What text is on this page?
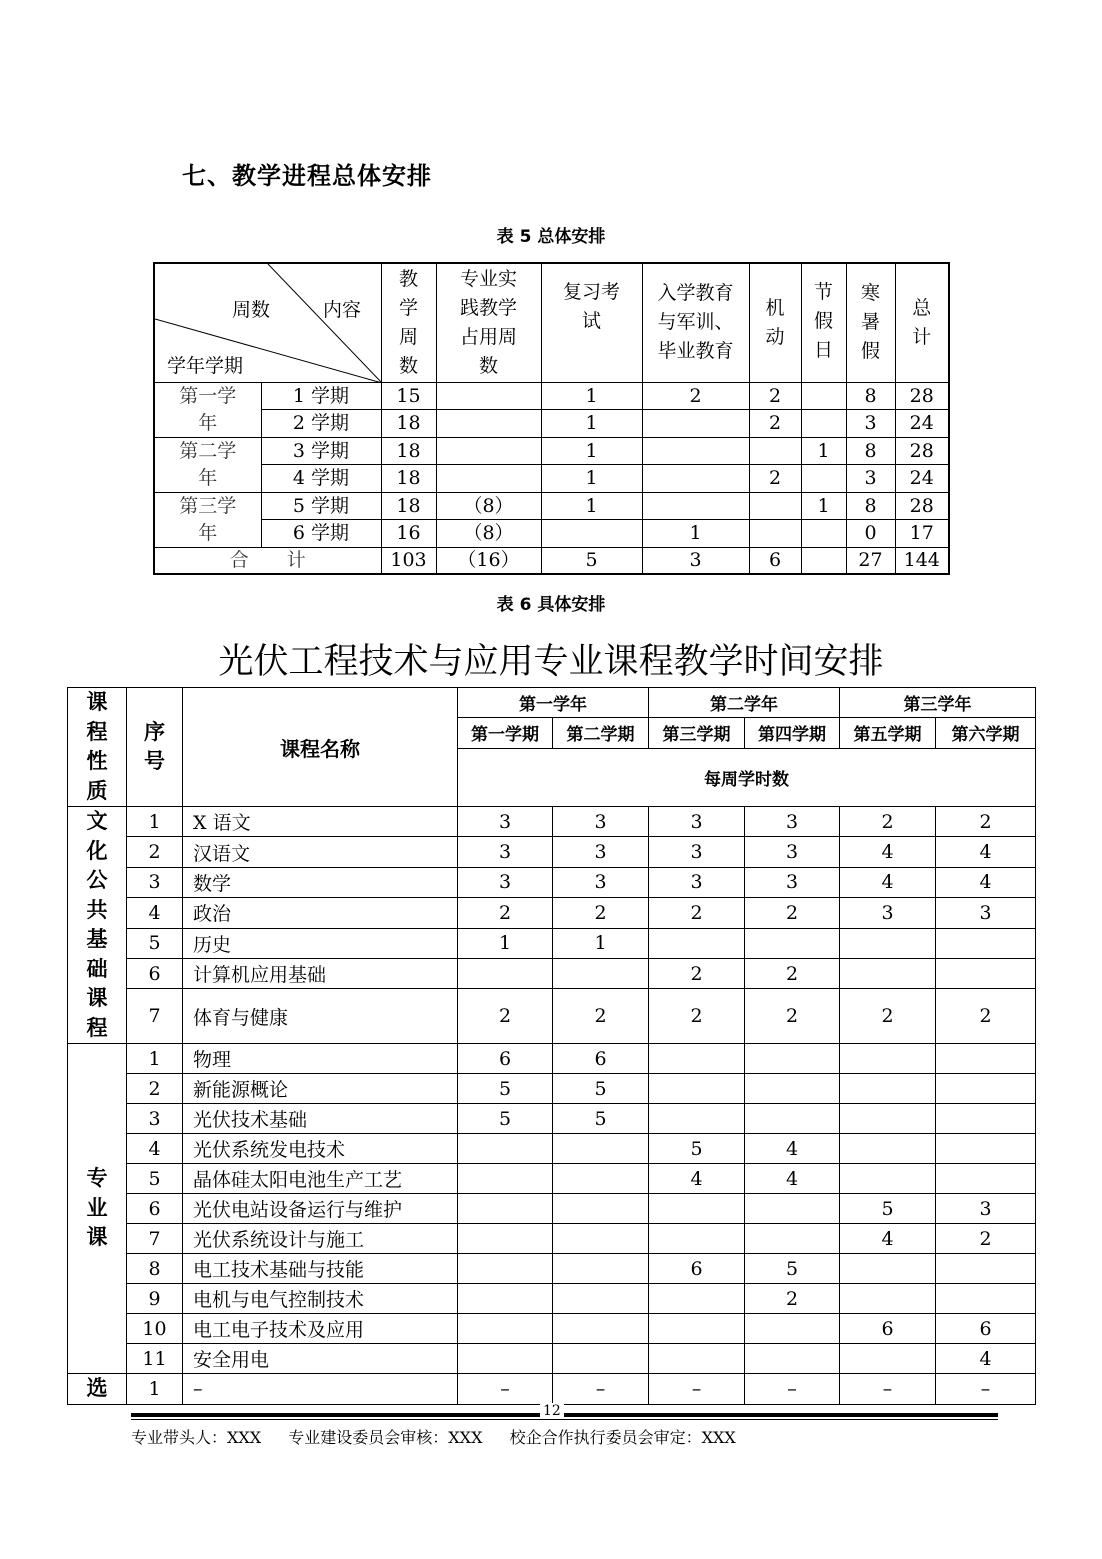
七、教学进程总体安排
表 5 总体安排
周数 内容
学年学期		教学周数	专业实践教学占用周数	复习考试	入学教育与军训、毕业教育	机动	节假日	寒暑假	总计

第一学年	1 学期	15		1	2	2		8	28
	2 学期	18		1		2		3	24

第二学年	3 学期	18		1			1	8	28
	4 学期	18		1		2		3	24

第三学年	5 学期	18	（8）	1			1	8	28
	6 学期	16	（8）		1			0	17
合　　计		103	（16）	5	3	6		27	144
表 6 具体安排
光伏工程技术与应用专业课程教学时间安排
课程性质	序号	课程名称	第一学年		第二学年		第三学年	
			第一学期	第二学期	第三学期	第四学期	第五学期	第六学期
			每周学时数					

文化公共基础课程	1	X 语文	3	3	3	3	2	2
	2	汉语文	3	3	3	3	4	4
	3	数学	3	3	3	3	4	4
	4	政治	2	2	2	2	3	3
	5	历史	1	1				
	6	计算机应用基础			2	2		
	7	体育与健康	2	2	2	2	2	2

专业课	1	物理	6	6				
	2	新能源概论	5	5				
	3	光伏技术基础	5	5				
	4	光伏系统发电技术			5	4		
	5	晶体硅太阳电池生产工艺			4	4		
	6	光伏电站设备运行与维护					5	3
	7	光伏系统设计与施工					4	2
	8	电工技术基础与技能			6	5		
	9	电机与电气控制技术				2		
	10	电工电子技术及应用					6	6
	11	安全用电						4

选	1	–	–	–	–	–	–	–
12
专业带头人：XXX 专业建设委员会审核：XXX 校企合作执行委员会审定：XXX
